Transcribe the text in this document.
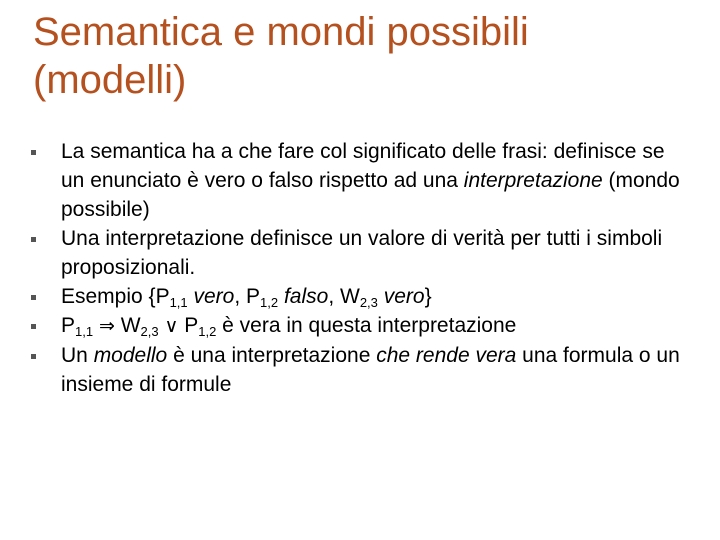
Semantica e mondi possibili
(modelli)
La semantica ha a che fare col significato delle frasi: definisce se un enunciato è vero o falso rispetto ad una interpretazione (mondo possibile)
Una interpretazione definisce un valore di verità per tutti i simboli proposizionali.
Esempio {$P_{1,1}$ vero, $P_{1,2}$ falso, $W_{2,3}$ vero}
$P_{1,1}$ ⇒ $W_{2,3}$ ∨ $P_{1,2}$ è vera in questa interpretazione
Un modello è una interpretazione che rende vera una formula o un insieme di formule
